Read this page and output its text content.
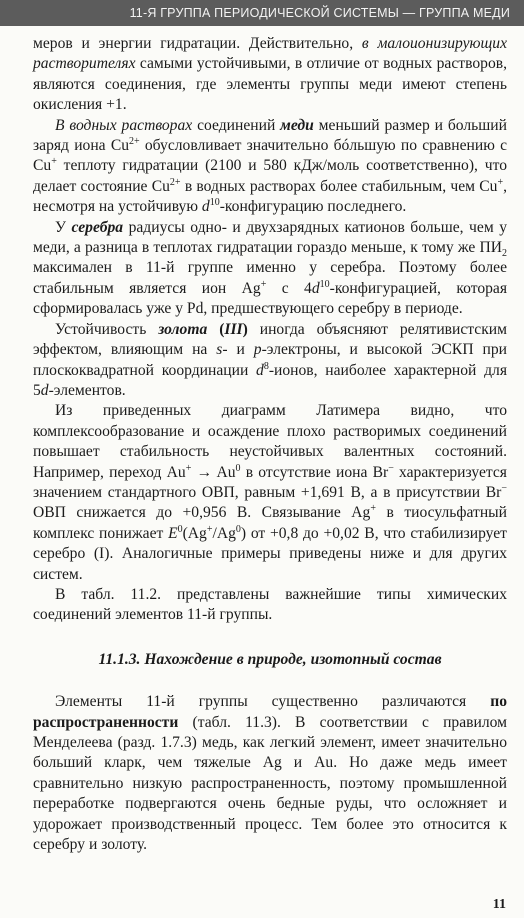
11-Я ГРУППА ПЕРИОДИЧЕСКОЙ СИСТЕМЫ — ГРУППА МЕДИ

меров и энергии гидратации. Действительно, в малоионизирующих растворителях самыми устойчивыми, в отличие от водных растворов, являются соединения, где элементы группы меди имеют степень окисления +1.

В водных растворах соединений меди меньший размер и больший заряд иона $Cu^{2+}$ обусловливает значительно бóльшую по сравнению с Cu+ теплоту гидратации (2100 и 580 кДж/моль соответственно), что делает состояние $Cu^{2+}$ в водных растворах более стабильным, чем Cu+, несмотря на устойчивую $d^{10}$-конфигурацию последнего.

У серебра радиусы одно- и двухзарядных катионов больше, чем у меди, а разница в теплотах гидратации гораздо меньше, к тому же $ПИ_2$ максимален в 11-й группе именно у серебра. Поэтому более стабильным является ион Ag+ с $4d^{10}$-конфигурацией, которая сформировалась уже у Pd, предшествующего серебру в периоде.

Устойчивость золота (III) иногда объясняют релятивистским эффектом, влияющим на s- и p-электроны, и высокой ЭСКП при плоскоквадратной координации $d^8$-ионов, наиболее характерной для 5d-элементов.

Из приведенных диаграмм Латимера видно, что комплексообразование и осаждение плохо растворимых соединений повышает стабильность неустойчивых валентных состояний. Например, переход $Au^+ \to Au^0$ в отсутствие иона Br− характеризуется значением стандартного ОВП, равным +1,691 В, а в присутствии Br− ОВП снижается до +0,956 В. Связывание Ag+ в тиосульфатный комплекс понижает $E^0(Ag^+/Ag^0)$ от +0,8 до +0,02 В, что стабилизирует серебро (I). Аналогичные примеры приведены ниже и для других систем.

В табл. 11.2. представлены важнейшие типы химических соединений элементов 11-й группы.

11.1.3. Нахождение в природе, изотопный состав

Элементы 11-й группы существенно различаются по распространенности (табл. 11.3). В соответствии с правилом Менделеева (разд. 1.7.3) медь, как легкий элемент, имеет значительно больший кларк, чем тяжелые Ag и Au. Но даже медь имеет сравнительно низкую распространенность, поэтому промышленной переработке подвергаются очень бедные руды, что осложняет и удорожает производственный процесс. Тем более это относится к серебру и золоту.

11
